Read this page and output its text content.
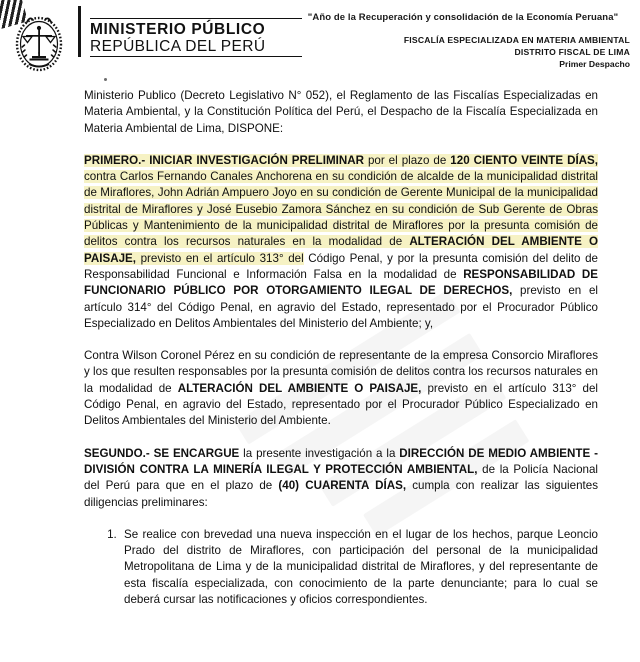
MINISTERIO PÚBLICO
REPÚBLICA DEL PERÚ
"Año de la Recuperación y consolidación de la Economía Peruana"
FISCALÍA ESPECIALIZADA EN MATERIA AMBIENTAL
DISTRITO FISCAL DE LIMA
Primer Despacho

Ministerio Publico (Decreto Legislativo N° 052), el Reglamento de las Fiscalías Especializadas en Materia Ambiental, y la Constitución Política del Perú, el Despacho de la Fiscalía Especializada en Materia Ambiental de Lima, DISPONE:

PRIMERO.- INICIAR INVESTIGACIÓN PRELIMINAR por el plazo de 120 CIENTO VEINTE DÍAS, contra Carlos Fernando Canales Anchorena en su condición de alcalde de la municipalidad distrital de Miraflores, John Adrián Ampuero Joyo en su condición de Gerente Municipal de la municipalidad distrital de Miraflores y José Eusebio Zamora Sánchez en su condición de Sub Gerente de Obras Públicas y Mantenimiento de la municipalidad distrital de Miraflores por la presunta comisión de delitos contra los recursos naturales en la modalidad de ALTERACIÓN DEL AMBIENTE O PAISAJE, previsto en el artículo 313° del Código Penal, y por la presunta comisión del delito de Responsabilidad Funcional e Información Falsa en la modalidad de RESPONSABILIDAD DE FUNCIONARIO PÚBLICO POR OTORGAMIENTO ILEGAL DE DERECHOS, previsto en el artículo 314° del Código Penal, en agravio del Estado, representado por el Procurador Público Especializado en Delitos Ambientales del Ministerio del Ambiente; y,

Contra Wilson Coronel Pérez en su condición de representante de la empresa Consorcio Miraflores y los que resulten responsables por la presunta comisión de delitos contra los recursos naturales en la modalidad de ALTERACIÓN DEL AMBIENTE O PAISAJE, previsto en el artículo 313° del Código Penal, en agravio del Estado, representado por el Procurador Público Especializado en Delitos Ambientales del Ministerio del Ambiente.

SEGUNDO.- SE ENCARGUE la presente investigación a la DIRECCIÓN DE MEDIO AMBIENTE - DIVISIÓN CONTRA LA MINERÍA ILEGAL Y PROTECCIÓN AMBIENTAL, de la Policía Nacional del Perú para que en el plazo de (40) CUARENTA DÍAS, cumpla con realizar las siguientes diligencias preliminares:

1. Se realice con brevedad una nueva inspección en el lugar de los hechos, parque Leoncio Prado del distrito de Miraflores, con participación del personal de la municipalidad Metropolitana de Lima y de la municipalidad distrital de Miraflores, y del representante de esta fiscalía especializada, con conocimiento de la parte denunciante; para lo cual se deberá cursar las notificaciones y oficios correspondientes.
